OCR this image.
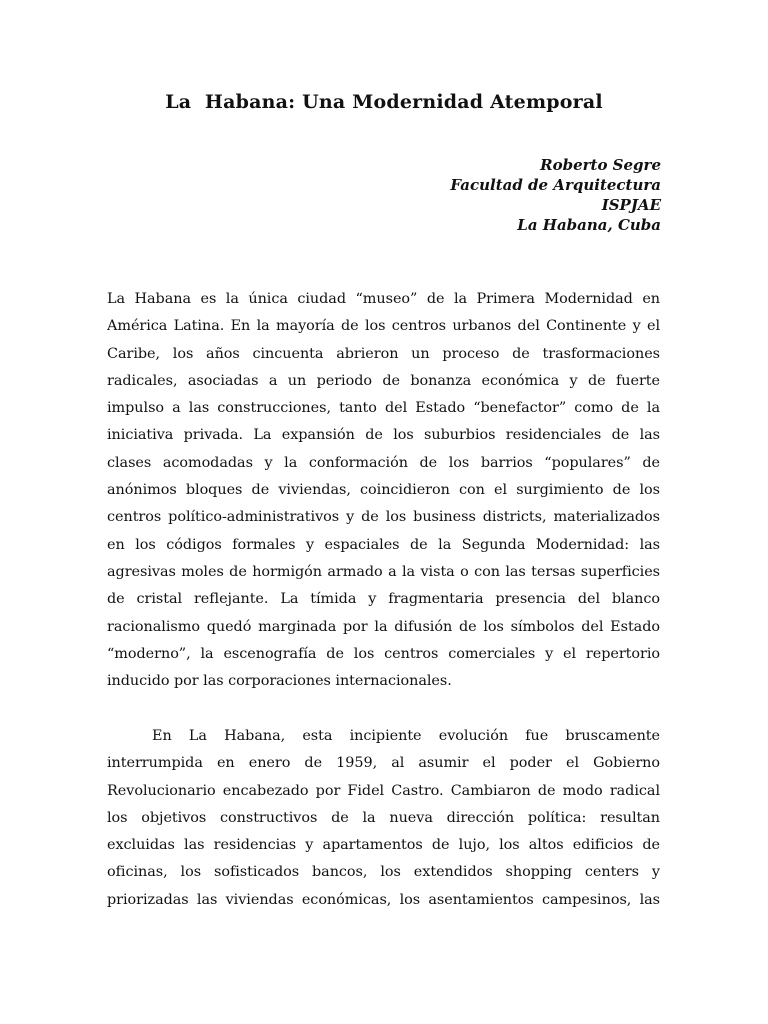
La  Habana: Una Modernidad Atemporal
Roberto Segre
Facultad de Arquitectura
ISPJAE
La Habana, Cuba
La Habana es la única ciudad “museo” de la Primera Modernidad en
América Latina. En la mayoría de los centros urbanos del Continente y el
Caribe, los años cincuenta abrieron un proceso de trasformaciones
radicales, asociadas a un periodo de bonanza económica y de fuerte
impulso a las construcciones, tanto del Estado “benefactor” como de la
iniciativa privada. La expansión de los suburbios residenciales de las
clases acomodadas y la conformación de los barrios “populares” de
anónimos bloques de viviendas, coincidieron con el surgimiento de los
centros político-administrativos y de los business districts, materializados
en los códigos formales y espaciales de la Segunda Modernidad: las
agresivas moles de hormigón armado a la vista o con las tersas superficies
de cristal reflejante. La tímida y fragmentaria presencia del blanco
racionalismo quedó marginada por la difusión de los símbolos del Estado
“moderno”, la escenografía de los centros comerciales y el repertorio
inducido por las corporaciones internacionales.
En La Habana, esta incipiente evolución fue bruscamente
interrumpida en enero de 1959, al asumir el poder el Gobierno
Revolucionario encabezado por Fidel Castro. Cambiaron de modo radical
los objetivos constructivos de la nueva dirección política: resultan
excluidas las residencias y apartamentos de lujo, los altos edificios de
oficinas, los sofisticados bancos, los extendidos shopping centers y
priorizadas las viviendas económicas, los asentamientos campesinos, las
